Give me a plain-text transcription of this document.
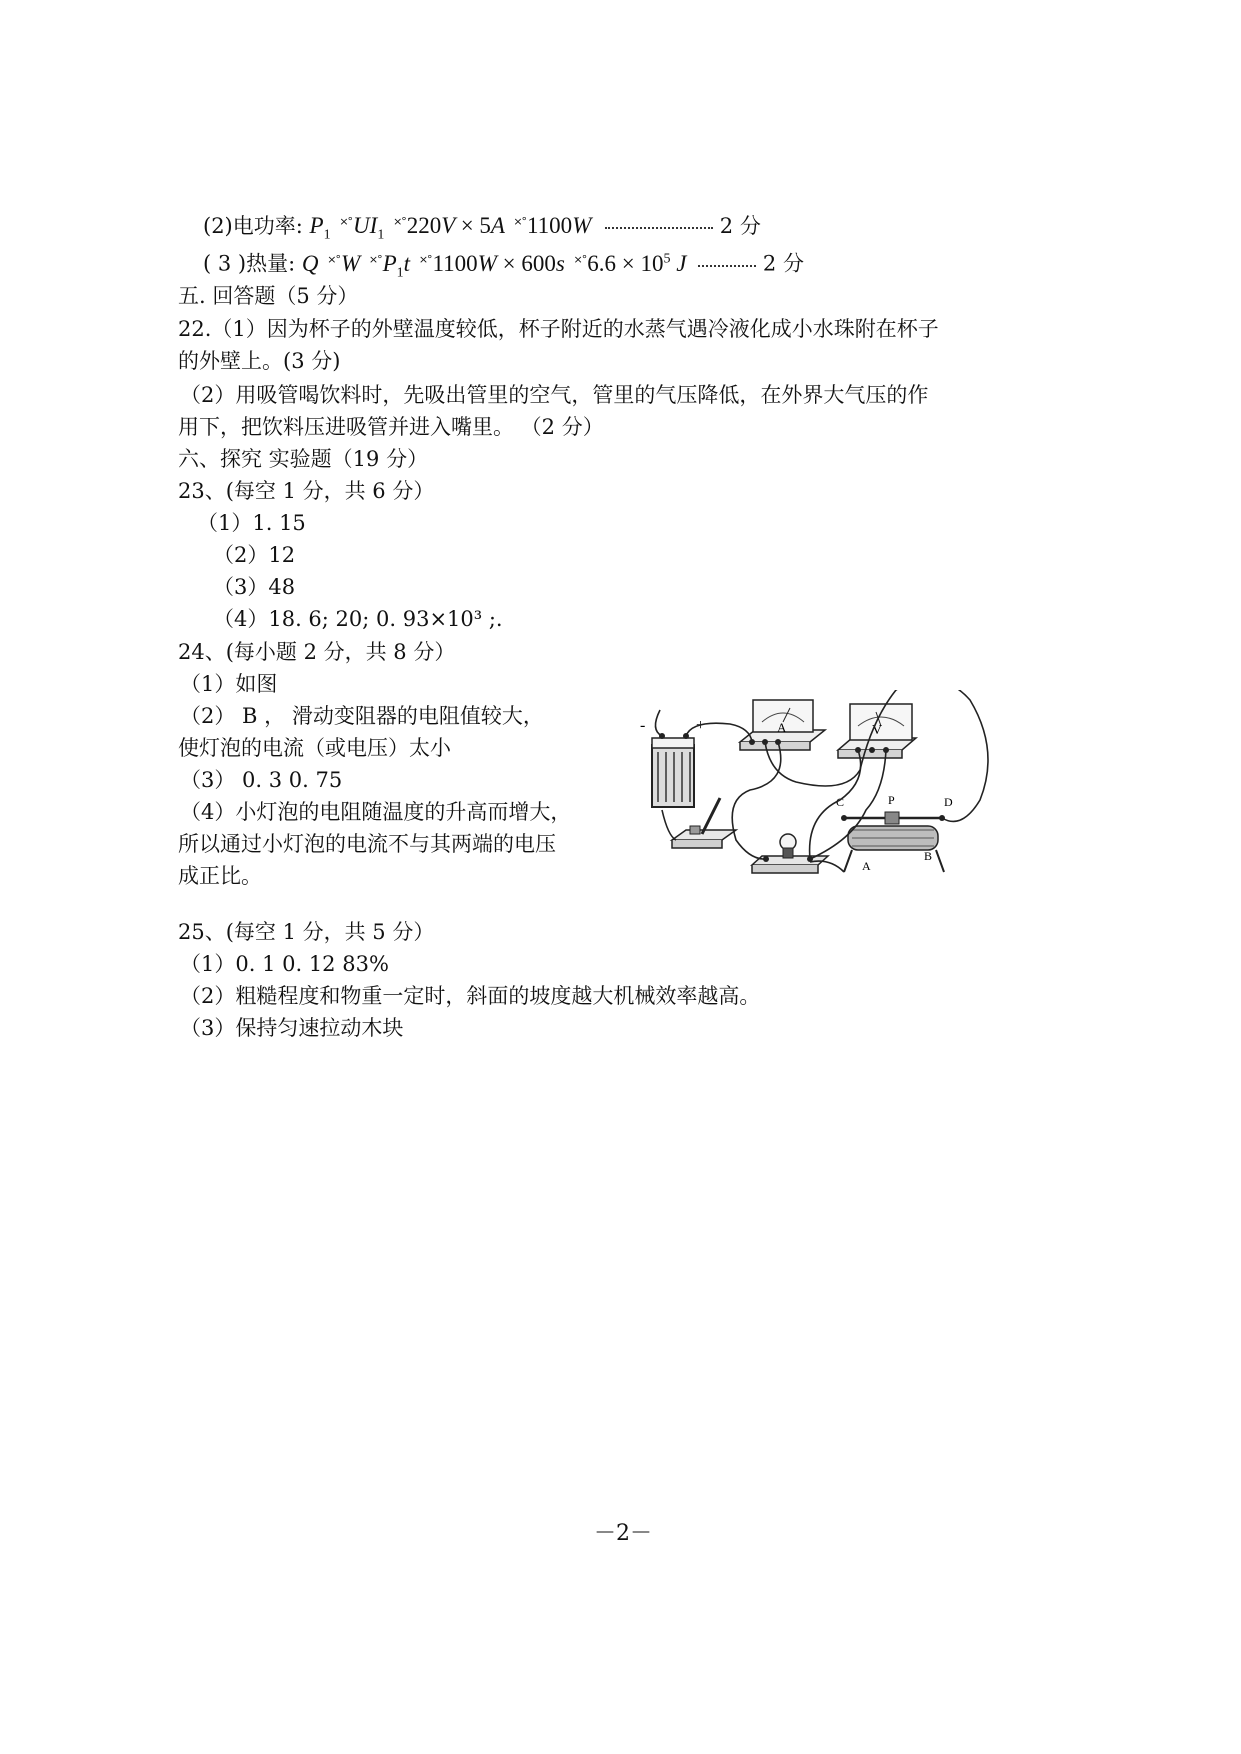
(2)电功率: $P_1$ $^{\times^\circ}UI_1$ ×°220V × 5A ×°1100W	2 分
( 3 )热量: Q ×°W $^{\times^\circ}P_1t$ ×°1100W × 600s $^{\times^\circ}6.6 \times 10^5$ J	2 分
五. 回答题（5 分）
22.（1）因为杯子的外壁温度较低，杯子附近的水蒸气遇冷液化成小水珠附在杯子
的外壁上。(3 分)
（2）用吸管喝饮料时，先吸出管里的空气，管里的气压降低，在外界大气压的作
用下，把饮料压进吸管并进入嘴里。 （2 分）
六、探究 实验题（19 分）
23、(每空 1 分，共 6 分）
（1）1. 15
（2）12
（3）48
（4）18. 6; 20; 0. 93×10³ ;.
24、(每小题 2 分，共 8 分）
（1）如图
（2） B ， 滑动变阻器的电阻值较大，
使灯泡的电流（或电压）太小
（3） 0. 3 0. 75
（4）小灯泡的电阻随温度的升高而增大，
所以通过小灯泡的电流不与其两端的电压
成正比。
-	+	A	V
C	P	D
A
B
25、(每空 1 分，共 5 分）
（1）0. 1 0. 12 83%
（2）粗糙程度和物重一定时，斜面的坡度越大机械效率越高。
（3）保持匀速拉动木块
－2－
